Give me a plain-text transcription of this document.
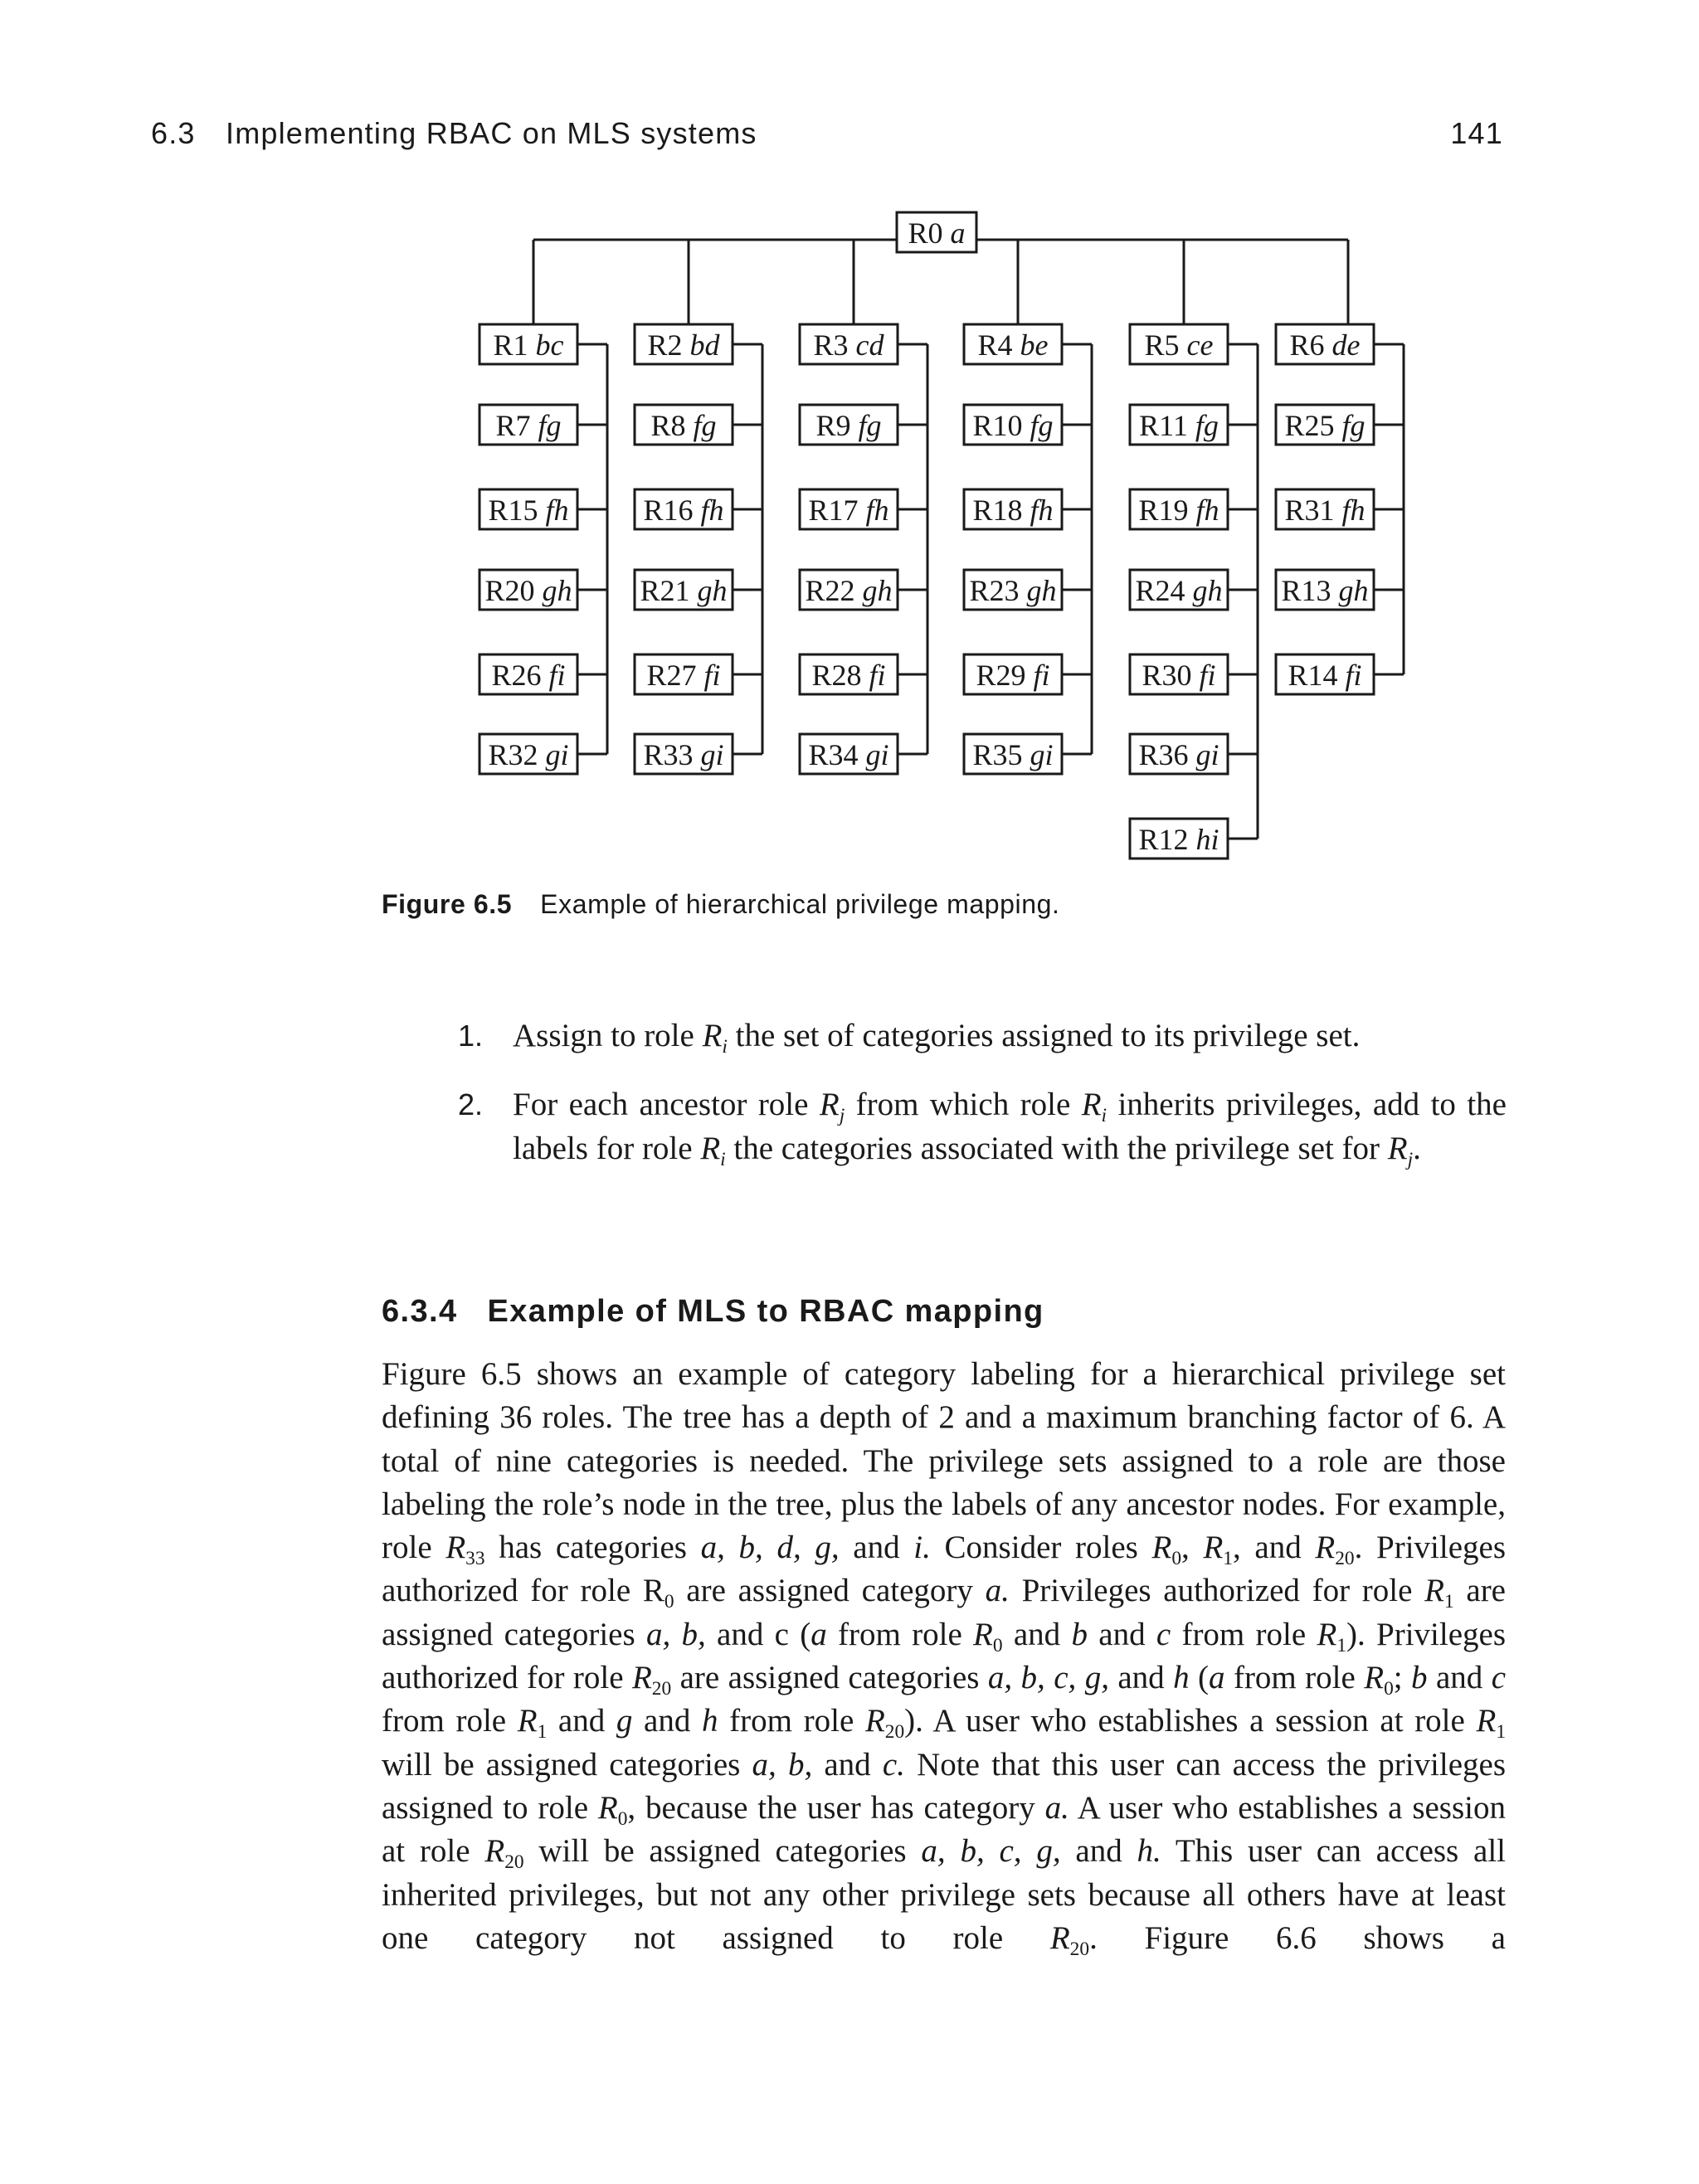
6.3 Implementing RBAC on MLS systems	141
R0 a
R1 bc
R7 fg
R15 fh
R20 gh
R26 fi
R32 gi
R2 bd
R8 fg
R16 fh
R21 gh
R27 fi
R33 gi
R3 cd
R9 fg
R17 fh
R22 gh
R28 fi
R34 gi
R4 be
R10 fg
R18 fh
R23 gh
R29 fi
R35 gi
R5 ce
R11 fg
R19 fh
R24 gh
R30 fi
R36 gi
R12 hi
R6 de
R25 fg
R31 fh
R13 gh
R14 fi
Figure 6.5 Example of hierarchical privilege mapping.
1. Assign to role $R_i$ the set of categories assigned to its privilege set.
2. For each ancestor role $R_j$ from which role $R_i$ inherits privileges, add to the labels for role $R_i$ the categories associated with the privilege set for $R_j$.
6.3.4 Example of MLS to RBAC mapping
Figure 6.5 shows an example of category labeling for a hierarchical privilege set defining 36 roles. The tree has a depth of 2 and a maximum branching factor of 6. A total of nine categories is needed. The privilege sets assigned to a role are those labeling the role’s node in the tree, plus the labels of any ancestor nodes. For example, role $R_{33}$ has categories a, b, d, g, and i. Consider roles $R_0$, $R_1$, and $R_{20}$. Privileges authorized for role $R_0$ are assigned category a. Privileges authorized for role $R_1$ are assigned categories a, b, and c (a from role $R_0$ and b and c from role $R_1$). Privileges authorized for role $R_{20}$ are assigned categories a, b, c, g, and h (a from role $R_0$; b and c from role $R_1$ and g and h from role $R_{20}$). A user who establishes a session at role $R_1$ will be assigned categories a, b, and c. Note that this user can access the privileges assigned to role $R_0$, because the user has category a. A user who establishes a session at role $R_{20}$ will be assigned categories a, b, c, g, and h. This user can access all inherited privileges, but not any other privilege sets because all others have at least one category not assigned to role $R_{20}$. Figure 6.6 shows a
